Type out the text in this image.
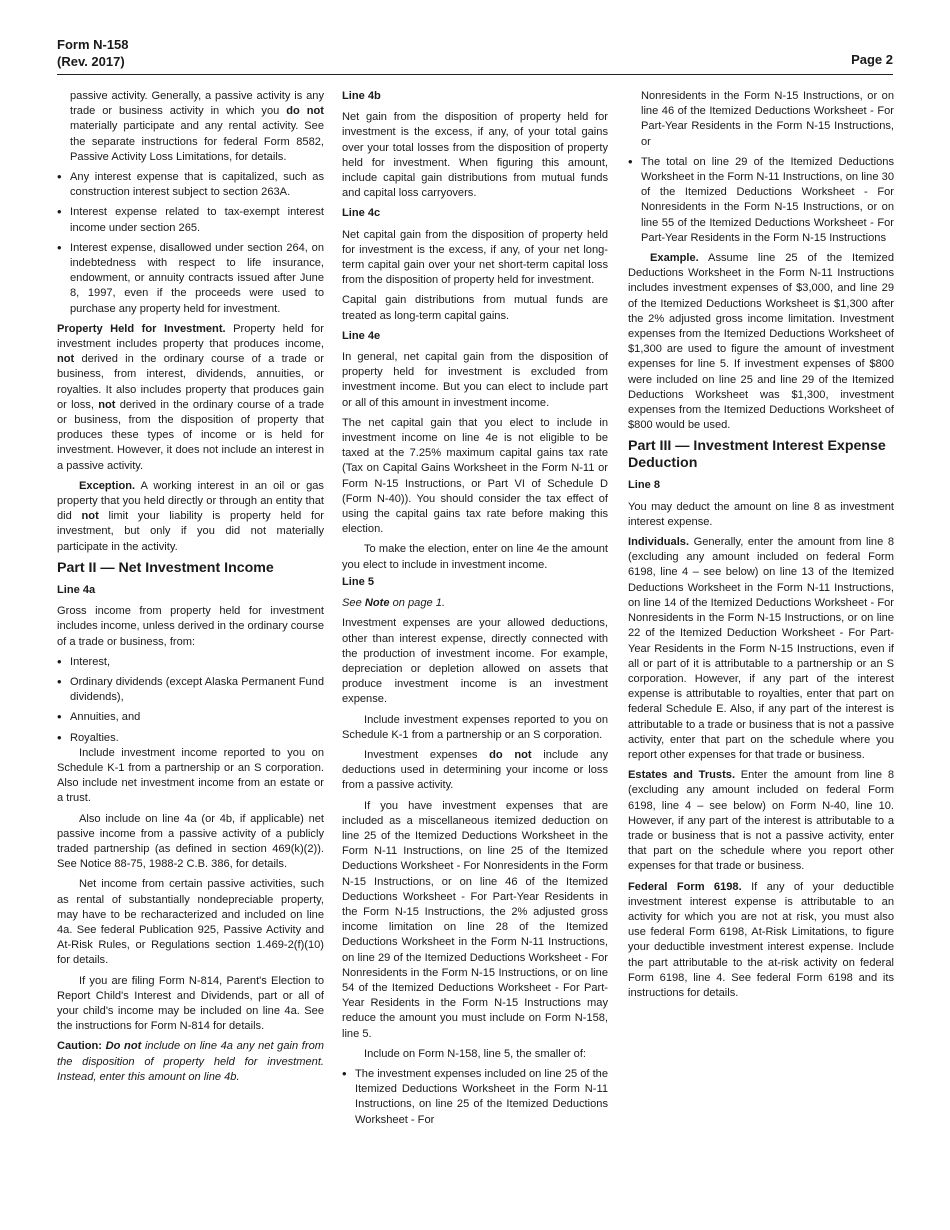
Form N-158
(Rev. 2017)	Page 2

passive activity. Generally, a passive activity is any trade or business activity in which you do not materially participate and any rental activity. See the separate instructions for federal Form 8582, Passive Activity Loss Limitations, for details.

• Any interest expense that is capitalized, such as construction interest subject to section 263A.

• Interest expense related to tax-exempt interest income under section 265.

• Interest expense, disallowed under section 264, on indebtedness with respect to life insurance, endowment, or annuity contracts issued after June 8, 1997, even if the proceeds were used to purchase any property held for investment.

Property Held for Investment. Property held for investment includes property that produces income, not derived in the ordinary course of a trade or business, from interest, dividends, annuities, or royalties. It also includes property that produces gain or loss, not derived in the ordinary course of a trade or business, from the disposition of property that produces these types of income or is held for investment. However, it does not include an interest in a passive activity.

Exception. A working interest in an oil or gas property that you held directly or through an entity that did not limit your liability is property held for investment, but only if you did not materially participate in the activity.

Part II — Net Investment Income
Line 4a

Gross income from property held for investment includes income, unless derived in the ordinary course of a trade or business, from:

• Interest,

• Ordinary dividends (except Alaska Permanent Fund dividends),

• Annuities, and

• Royalties.

Include investment income reported to you on Schedule K-1 from a partnership or an S corporation. Also include net investment income from an estate or a trust.

Also include on line 4a (or 4b, if applicable) net passive income from a passive activity of a publicly traded partnership (as defined in section 469(k)(2)). See Notice 88-75, 1988-2 C.B. 386, for details.

Net income from certain passive activities, such as rental of substantially nondepreciable property, may have to be recharacterized and included on line 4a. See federal Publication 925, Passive Activity and At-Risk Rules, or Regulations section 1.469-2(f)(10) for details.

If you are filing Form N-814, Parent's Election to Report Child's Interest and Dividends, part or all of your child's income may be included on line 4a. See the instructions for Form N-814 for details.

Caution: Do not include on line 4a any net gain from the disposition of property held for investment. Instead, enter this amount on line 4b.

Line 4b

Net gain from the disposition of property held for investment is the excess, if any, of your total gains over your total losses from the disposition of property held for investment. When figuring this amount, include capital gain distributions from mutual funds and capital loss carryovers.

Line 4c

Net capital gain from the disposition of property held for investment is the excess, if any, of your net long-term capital gain over your net short-term capital loss from the disposition of property held for investment.

Capital gain distributions from mutual funds are treated as long-term capital gains.

Line 4e

In general, net capital gain from the disposition of property held for investment is excluded from investment income. But you can elect to include part or all of this amount in investment income.

The net capital gain that you elect to include in investment income on line 4e is not eligible to be taxed at the 7.25% maximum capital gains tax rate (Tax on Capital Gains Worksheet in the Form N-11 or Form N-15 Instructions, or Part VI of Schedule D (Form N-40)). You should consider the tax effect of using the capital gains tax rate before making this election.

To make the election, enter on line 4e the amount you elect to include in investment income.

Line 5

See Note on page 1.

Investment expenses are your allowed deductions, other than interest expense, directly connected with the production of investment income. For example, depreciation or depletion allowed on assets that produce investment income is an investment expense.

Include investment expenses reported to you on Schedule K-1 from a partnership or an S corporation.

Investment expenses do not include any deductions used in determining your income or loss from a passive activity.

If you have investment expenses that are included as a miscellaneous itemized deduction on line 25 of the Itemized Deductions Worksheet in the Form N-11 Instructions, on line 25 of the Itemized Deductions Worksheet - For Nonresidents in the Form N-15 Instructions, or on line 46 of the Itemized Deductions Worksheet - For Part-Year Residents in the Form N-15 Instructions, the 2% adjusted gross income limitation on line 28 of the Itemized Deductions Worksheet in the Form N-11 Instructions, on line 29 of the Itemized Deductions Worksheet - For Nonresidents in the Form N-15 Instructions, or on line 54 of the Itemized Deductions Worksheet - For Part-Year Residents in the Form N-15 Instructions may reduce the amount you must include on Form N-158, line 5.

Include on Form N-158, line 5, the smaller of:

• The investment expenses included on line 25 of the Itemized Deductions Worksheet in the Form N-11 Instructions, on line 25 of the Itemized Deductions Worksheet - For

Nonresidents in the Form N-15 Instructions, or on line 46 of the Itemized Deductions Worksheet - For Part-Year Residents in the Form N-15 Instructions, or

• The total on line 29 of the Itemized Deductions Worksheet in the Form N-11 Instructions, on line 30 of the Itemized Deductions Worksheet - For Nonresidents in the Form N-15 Instructions, or on line 55 of the Itemized Deductions Worksheet - For Part-Year Residents in the Form N-15 Instructions

Example. Assume line 25 of the Itemized Deductions Worksheet in the Form N-11 Instructions includes investment expenses of $3,000, and line 29 of the Itemized Deductions Worksheet is $1,300 after the 2% adjusted gross income limitation. Investment expenses from the Itemized Deductions Worksheet of $1,300 are used to figure the amount of investment expenses for line 5. If investment expenses of $800 were included on line 25 and line 29 of the Itemized Deductions Worksheet was $1,300, investment expenses from the Itemized Deductions Worksheet of $800 would be used.

Part III — Investment Interest Expense Deduction
Line 8

You may deduct the amount on line 8 as investment interest expense.

Individuals. Generally, enter the amount from line 8 (excluding any amount included on federal Form 6198, line 4 – see below) on line 13 of the Itemized Deductions Worksheet in the Form N-11 Instructions, on line 14 of the Itemized Deductions Worksheet - For Nonresidents in the Form N-15 Instructions, or on line 22 of the Itemized Deduction Worksheet - For Part-Year Residents in the Form N-15 Instructions, even if all or part of it is attributable to a partnership or an S corporation. However, if any part of the interest expense is attributable to royalties, enter that part on federal Schedule E. Also, if any part of the interest is attributable to a trade or business that is not a passive activity, enter that part on the schedule where you report other expenses for that trade or business.

Estates and Trusts. Enter the amount from line 8 (excluding any amount included on federal Form 6198, line 4 – see below) on Form N-40, line 10. However, if any part of the interest is attributable to a trade or business that is not a passive activity, enter that part on the schedule where you report other expenses for that trade or business.

Federal Form 6198. If any of your deductible investment interest expense is attributable to an activity for which you are not at risk, you must also use federal Form 6198, At-Risk Limitations, to figure your deductible investment interest expense. Include the part attributable to the at-risk activity on federal Form 6198, line 4. See federal Form 6198 and its instructions for details.
